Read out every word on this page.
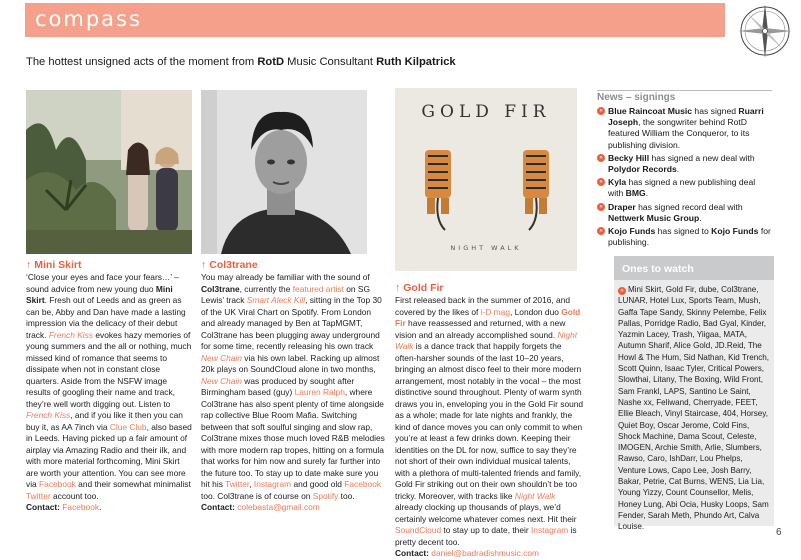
compass
The hottest unsigned acts of the moment from RotD Music Consultant Ruth Kilpatrick
GOLD FIR
NIGHT WALK
↑ Mini Skirt
‘Close your eyes and face your fears…’ – sound advice from new young duo Mini Skirt. Fresh out of Leeds and as green as can be, Abby and Dan have made a lasting impression via the delicacy of their debut track. French Kiss evokes hazy memories of young summers and the all or nothing, much missed kind of romance that seems to dissipate when not in constant close quarters. Aside from the NSFW image results of googling their name and track, they’re well worth digging out. Listen to French Kiss, and if you like it then you can buy it, as AA 7inch via Clue Club, also based in Leeds. Having picked up a fair amount of airplay via Amazing Radio and their ilk, and with more material forthcoming, Mini Skirt are worth your attention. You can see more via Facebook and their somewhat minimalist Twitter account too.
Contact: Facebook.
↑ Col3trane
You may already be familiar with the sound of Col3trane, currently the featured artist on SG Lewis’ track Smart Aleck Kill, sitting in the Top 30 of the UK Viral Chart on Spotify. From London and already managed by Ben at TapMGMT, Col3trane has been plugging away underground for some time, recently releasing his own track New Chain via his own label. Racking up almost 20k plays on SoundCloud alone in two months, New Chain was produced by sought after Birmingham based (guy) Lauren Ralph, where Col3trane has also spent plenty of time alongside rap collective Blue Room Mafia. Switching between that soft soulful singing and slow rap, Col3trane mixes those much loved R&B melodies with more modern rap tropes, hitting on a formula that works for him now and surely far further into the future too. To stay up to date make sure you hit his Twitter, Instagram and good old Facebook too. Col3trane is of course on Spotify too.
Contact: colebasta@gmail.com
↑ Gold Fir
First released back in the summer of 2016, and covered by the likes of i-D mag, London duo Gold Fir have reassessed and returned, with a new vision and an already accomplished sound. Night Walk is a dance track that happily forgets the often-harsher sounds of the last 10–20 years, bringing an almost disco feel to their more modern arrangement, most notably in the vocal – the most distinctive sound throughout. Plenty of warm synth draws you in, enveloping you in the Gold Fir sound as a whole; made for late nights and frankly, the kind of dance moves you can only commit to when you’re at least a few drinks down. Keeping their identities on the DL for now, suffice to say they’re not short of their own individual musical talents, with a plethora of multi-talented friends and family, Gold Fir striking out on their own shouldn’t be too tricky. Moreover, with tracks like Night Walk already clocking up thousands of plays, we’d certainly welcome whatever comes next. Hit their SoundCloud to stay up to date, their Instagram is pretty decent too.
Contact: daniel@badradishmusic.com
News – signings
» Blue Raincoat Music has signed Ruarri Joseph, the songwriter behind RotD featured William the Conqueror, to its publishing division.
» Becky Hill has signed a new deal with Polydor Records.
» Kyla has signed a new publishing deal with BMG.
» Draper has signed record deal with Nettwerk Music Group.
» Kojo Funds has signed to Kojo Funds for publishing.
Ones to watch
» Mini Skirt, Gold Fir, dube, Col3trane, LUNAR, Hotel Lux, Sports Team, Mush, Gaffa Tape Sandy, Skinny Pelembe, Felix Pallas, Porridge Radio, Bad Gyal, Kinder, Yazmin Lacey, Trash, Yiigaa, MATA, Autumn Sharif, Alice Gold, JD.Reid, The Howl & The Hum, Sid Nathan, Kid Trench, Scott Quinn, Isaac Tyler, Critical Powers, Slowthai, Litany, The Boxing, Wild Front, Sam Frankl, LAPS, Santino Le Saint, Nashe xx, Feliwand, Cherryade, FEET, Ellie Bleach, Vinyl Staircase, 404, Horsey, Quiet Boy, Oscar Jerome, Cold Fins, Shock Machine, Dama Scout, Celeste, IMOGEN, Archie Smith, Arlie, Slumbers, Rawso, Caro, IshDarr, Lou Phelps, Venture Lows, Capo Lee, Josh Barry, Bakar, Petrie, Cat Burns, WENS, Lia Lia, Young Yizzy, Count Counsellor, Melis, Honey Lung, Abi Ocia, Husky Loops, Sam Fender, Sarah Meth, Phundo Art, Calva Louise.
6
